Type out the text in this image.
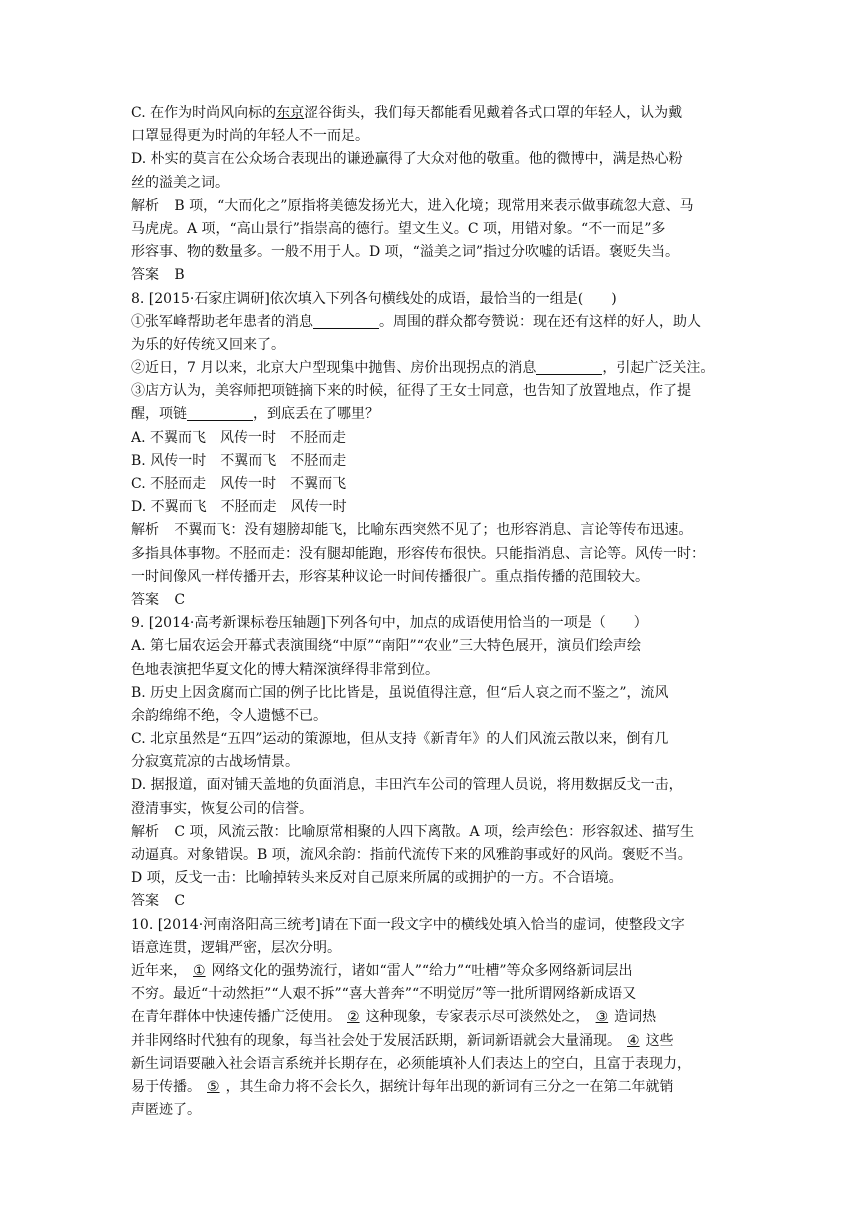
C. 在作为时尚风向标的东京涩谷街头，我们每天都能看见戴着各式口罩的年轻人，认为戴
口罩显得更为时尚的年轻人不一而足。
D. 朴实的莫言在公众场合表现出的谦逊赢得了大众对他的敬重。他的微博中，满是热心粉
丝的溢美之词。
解析 B 项，“大而化之”原指将美德发扬光大，进入化境；现常用来表示做事疏忽大意、马
马虎虎。A 项，“高山景行”指崇高的德行。望文生义。C 项，用错对象。“不一而足”多
形容事、物的数量多。一般不用于人。D 项，“溢美之词”指过分吹嘘的话语。褒贬失当。
答案 B
8. [2015·石家庄调研]依次填入下列各句横线处的成语，最恰当的一组是(　　)
①张军峰帮助老年患者的消息	。周围的群众都夸赞说：现在还有这样的好人，助人
为乐的好传统又回来了。
②近日，7 月以来，北京大户型现集中抛售、房价出现拐点的消息	，引起广泛关注。
③店方认为，美容师把项链摘下来的时候，征得了王女士同意，也告知了放置地点，作了提
醒，项链	，到底丢在了哪里？
A. 不翼而飞　风传一时　不胫而走
B. 风传一时　不翼而飞　不胫而走
C. 不胫而走　风传一时　不翼而飞
D. 不翼而飞　不胫而走　风传一时
解析 不翼而飞：没有翅膀却能飞，比喻东西突然不见了；也形容消息、言论等传布迅速。
多指具体事物。不胫而走：没有腿却能跑，形容传布很快。只能指消息、言论等。风传一时：
一时间像风一样传播开去，形容某种议论一时间传播很广。重点指传播的范围较大。
答案 C
9. [2014·高考新课标卷压轴题]下列各句中，加点的成语使用恰当的一项是（　　）
A. 第七届农运会开幕式表演围绕“中原”“南阳”“农业”三大特色展开，演员们绘声绘
色地表演把华夏文化的博大精深演绎得非常到位。
B. 历史上因贪腐而亡国的例子比比皆是，虽说值得注意，但“后人哀之而不鉴之”，流风
余韵绵绵不绝，令人遗憾不已。
C. 北京虽然是“五四”运动的策源地，但从支持《新青年》的人们风流云散以来，倒有几
分寂寞荒凉的古战场情景。
D. 据报道，面对铺天盖地的负面消息，丰田汽车公司的管理人员说，将用数据反戈一击，
澄清事实，恢复公司的信誉。
解析 C 项，风流云散：比喻原常相聚的人四下离散。A 项，绘声绘色：形容叙述、描写生
动逼真。对象错误。B 项，流风余韵：指前代流传下来的风雅韵事或好的风尚。褒贬不当。
D 项，反戈一击：比喻掉转头来反对自己原来所属的或拥护的一方。不合语境。
答案 C
10. [2014·河南洛阳高三统考]请在下面一段文字中的横线处填入恰当的虚词，使整段文字
语意连贯，逻辑严密，层次分明。
近年来， ① 网络文化的强势流行，诸如“雷人”“给力”“吐槽”等众多网络新词层出
不穷。最近“十动然拒”“人艰不拆”“喜大普奔”“不明觉厉”等一批所谓网络新成语又
在青年群体中快速传播广泛使用。 ② 这种现象，专家表示尽可淡然处之， ③ 造词热
并非网络时代独有的现象，每当社会处于发展活跃期，新词新语就会大量涌现。 ④ 这些
新生词语要融入社会语言系统并长期存在，必须能填补人们表达上的空白，且富于表现力，
易于传播。 ⑤ ，其生命力将不会长久，据统计每年出现的新词有三分之一在第二年就销
声匿迹了。
